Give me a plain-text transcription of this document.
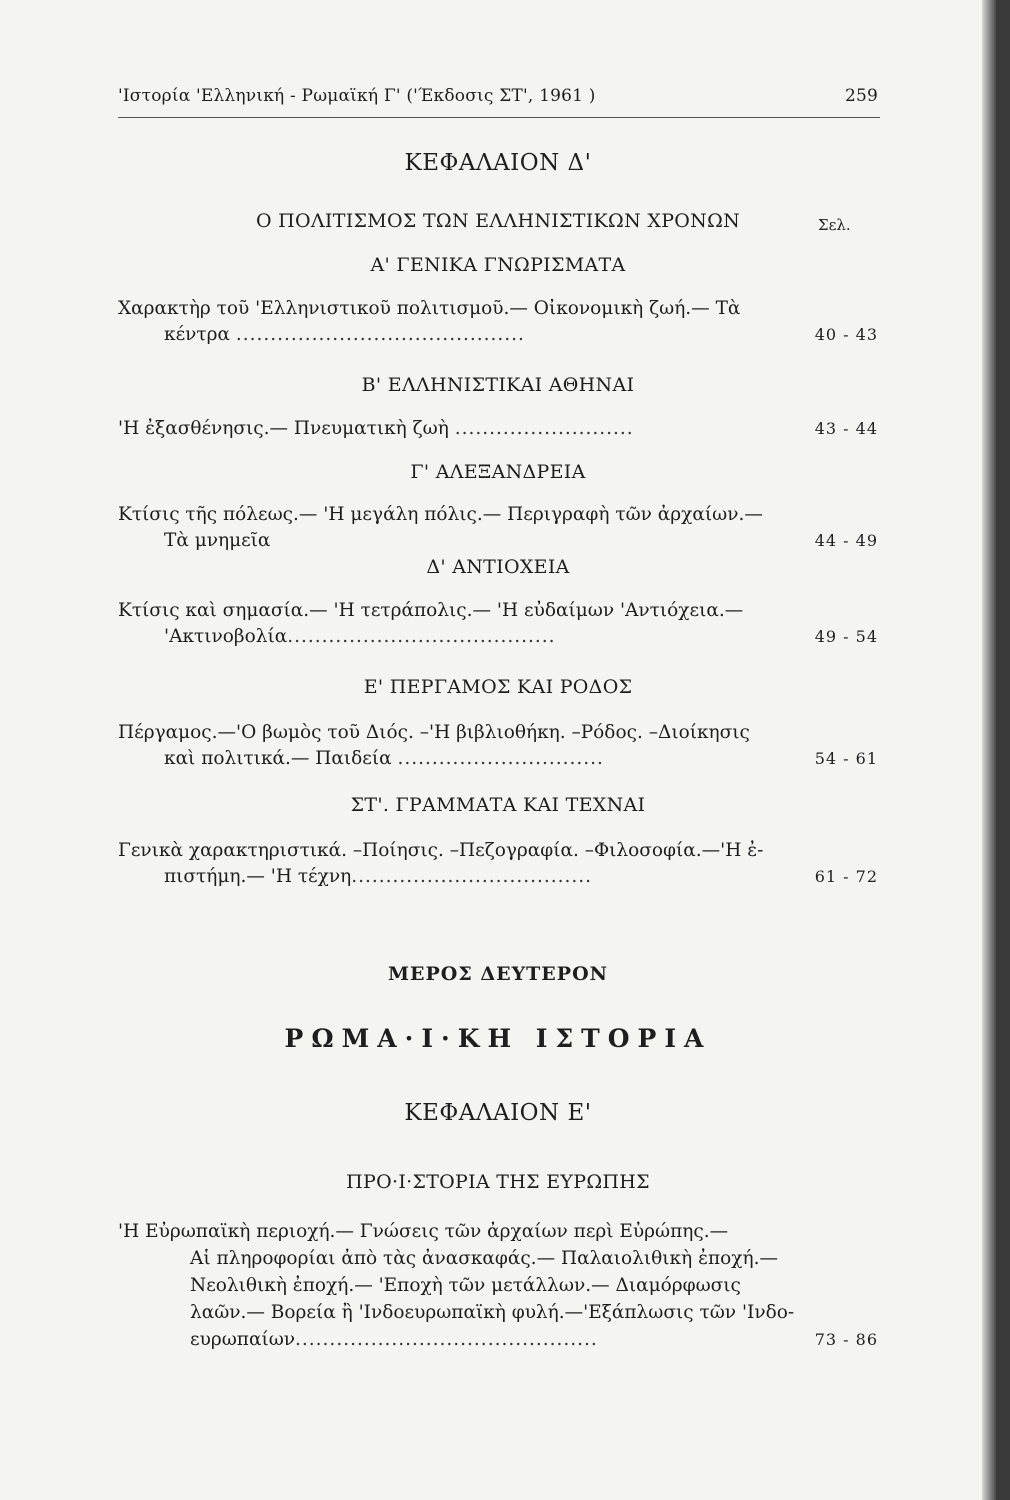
'Ιστορία 'Ελληνική - Ρωμαϊκή Γ' ('Έκδοσις ΣΤ', 1961 )	259
ΚΕΦΑΛΑΙΟΝ Δ'
Ο ΠΟΛΙΤΙΣΜΟΣ ΤΩΝ ΕΛΛΗΝΙΣΤΙΚΩΝ ΧΡΟΝΩΝ	Σελ.
Α' ΓΕΝΙΚΑ ΓΝΩΡΙΣΜΑΤΑ
Χαρακτὴρ τοῦ 'Ελληνιστικοῦ πολιτισμοῦ.— Οἰκονομικὴ ζωή.— Τὰ
κέντρα ..........................................	40 - 43
Β' ΕΛΛΗΝΙΣΤΙΚΑΙ ΑΘΗΝΑΙ
'Η ἐξασθένησις.— Πνευματικὴ ζωὴ ..........................	43 - 44
Γ' ΑΛΕΞΑΝΔΡΕΙΑ
Κτίσις τῆς πόλεως.— 'Η μεγάλη πόλις.— Περιγραφὴ τῶν ἀρχαίων.—
Τὰ μνημεῖα	44 - 49
Δ' ΑΝΤΙΟΧΕΙΑ
Κτίσις καὶ σημασία.— 'Η τετράπολις.— 'Η εὐδαίμων 'Αντιόχεια.—
'Ακτινοβολία.......................................	49 - 54
Ε' ΠΕΡΓΑΜΟΣ ΚΑΙ ΡΟΔΟΣ
Πέργαμος.—'Ο βωμὸς τοῦ Διός. –'Η βιβλιοθήκη. –Ρόδος. –Διοίκησις
καὶ πολιτικά.— Παιδεία ..............................	54 - 61
ΣΤ'. ΓΡΑΜΜΑΤΑ ΚΑΙ ΤΕΧΝΑΙ
Γενικὰ χαρακτηριστικά. –Ποίησις. –Πεζογραφία. –Φιλοσοφία.—'Η ἐ-
πιστήμη.— 'Η τέχνη...................................	61 - 72
ΜΕΡΟΣ ΔΕΥΤΕΡΟΝ
ΡΩΜΑ·Ι·ΚΗ ΙΣΤΟΡΙΑ
ΚΕΦΑΛΑΙΟΝ Ε'
ΠΡΟ·Ι·ΣΤΟΡΙΑ ΤΗΣ ΕΥΡΩΠΗΣ
'Η Εὐρωπαϊκὴ περιοχή.— Γνώσεις τῶν ἀρχαίων περὶ Εὐρώπης.—
Αἱ πληροφορίαι ἀπὸ τὰς ἀνασκαφάς.— Παλαιολιθικὴ ἐποχή.—
Νεολιθικὴ ἐποχή.— 'Εποχὴ τῶν μετάλλων.— Διαμόρφωσις
λαῶν.— Βορεία ἢ 'Ινδοευρωπαϊκὴ φυλή.—'Εξάπλωσις τῶν 'Ινδο-
ευρωπαίων............................................	73 - 86
